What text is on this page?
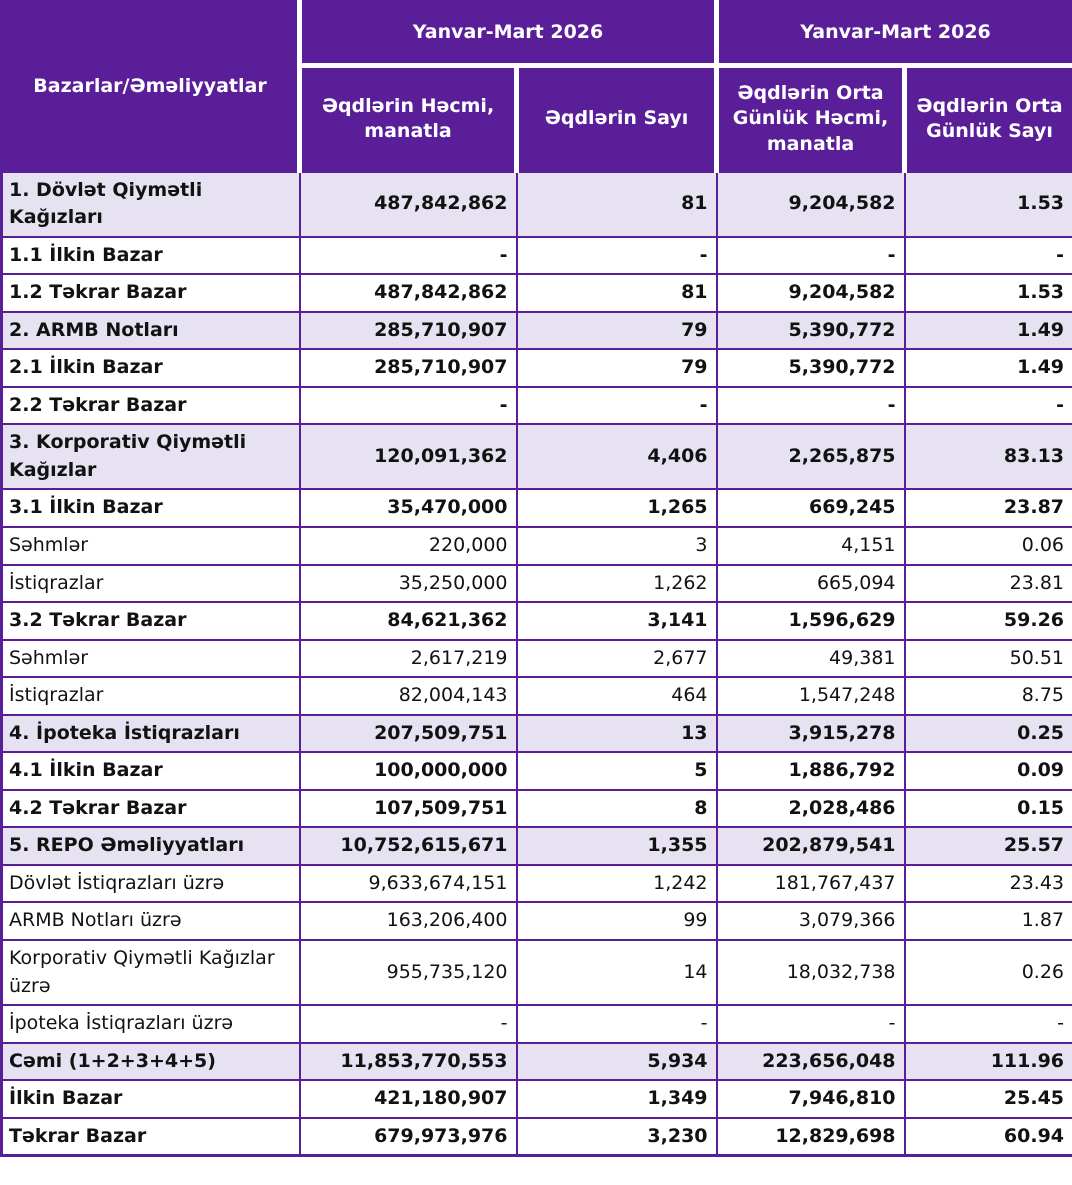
Bazarlar/Əməliyyatlar	Yanvar-Mart 2026		Yanvar-Mart 2026	
	Əqdlərin Həcmi, manatla	Əqdlərin Sayı	Əqdlərin Orta Günlük Həcmi, manatla	Əqdlərin Orta Günlük Sayı
1. Dövlət Qiymətli Kağızları	487,842,862	81	9,204,582	1.53
1.1 İlkin Bazar	-	-	-	-
1.2 Təkrar Bazar	487,842,862	81	9,204,582	1.53
2. ARMB Notları	285,710,907	79	5,390,772	1.49
2.1 İlkin Bazar	285,710,907	79	5,390,772	1.49
2.2 Təkrar Bazar	-	-	-	-
3. Korporativ Qiymətli Kağızlar	120,091,362	4,406	2,265,875	83.13
3.1 İlkin Bazar	35,470,000	1,265	669,245	23.87
Səhmlər	220,000	3	4,151	0.06
İstiqrazlar	35,250,000	1,262	665,094	23.81
3.2 Təkrar Bazar	84,621,362	3,141	1,596,629	59.26
Səhmlər	2,617,219	2,677	49,381	50.51
İstiqrazlar	82,004,143	464	1,547,248	8.75
4. İpoteka İstiqrazları	207,509,751	13	3,915,278	0.25
4.1 İlkin Bazar	100,000,000	5	1,886,792	0.09
4.2 Təkrar Bazar	107,509,751	8	2,028,486	0.15
5. REPO Əməliyyatları	10,752,615,671	1,355	202,879,541	25.57
Dövlət İstiqrazları üzrə	9,633,674,151	1,242	181,767,437	23.43
ARMB Notları üzrə	163,206,400	99	3,079,366	1.87
Korporativ Qiymətli Kağızlar üzrə	955,735,120	14	18,032,738	0.26
İpoteka İstiqrazları üzrə	-	-	-	-
Cəmi (1+2+3+4+5)	11,853,770,553	5,934	223,656,048	111.96
İlkin Bazar	421,180,907	1,349	7,946,810	25.45
Təkrar Bazar	679,973,976	3,230	12,829,698	60.94
